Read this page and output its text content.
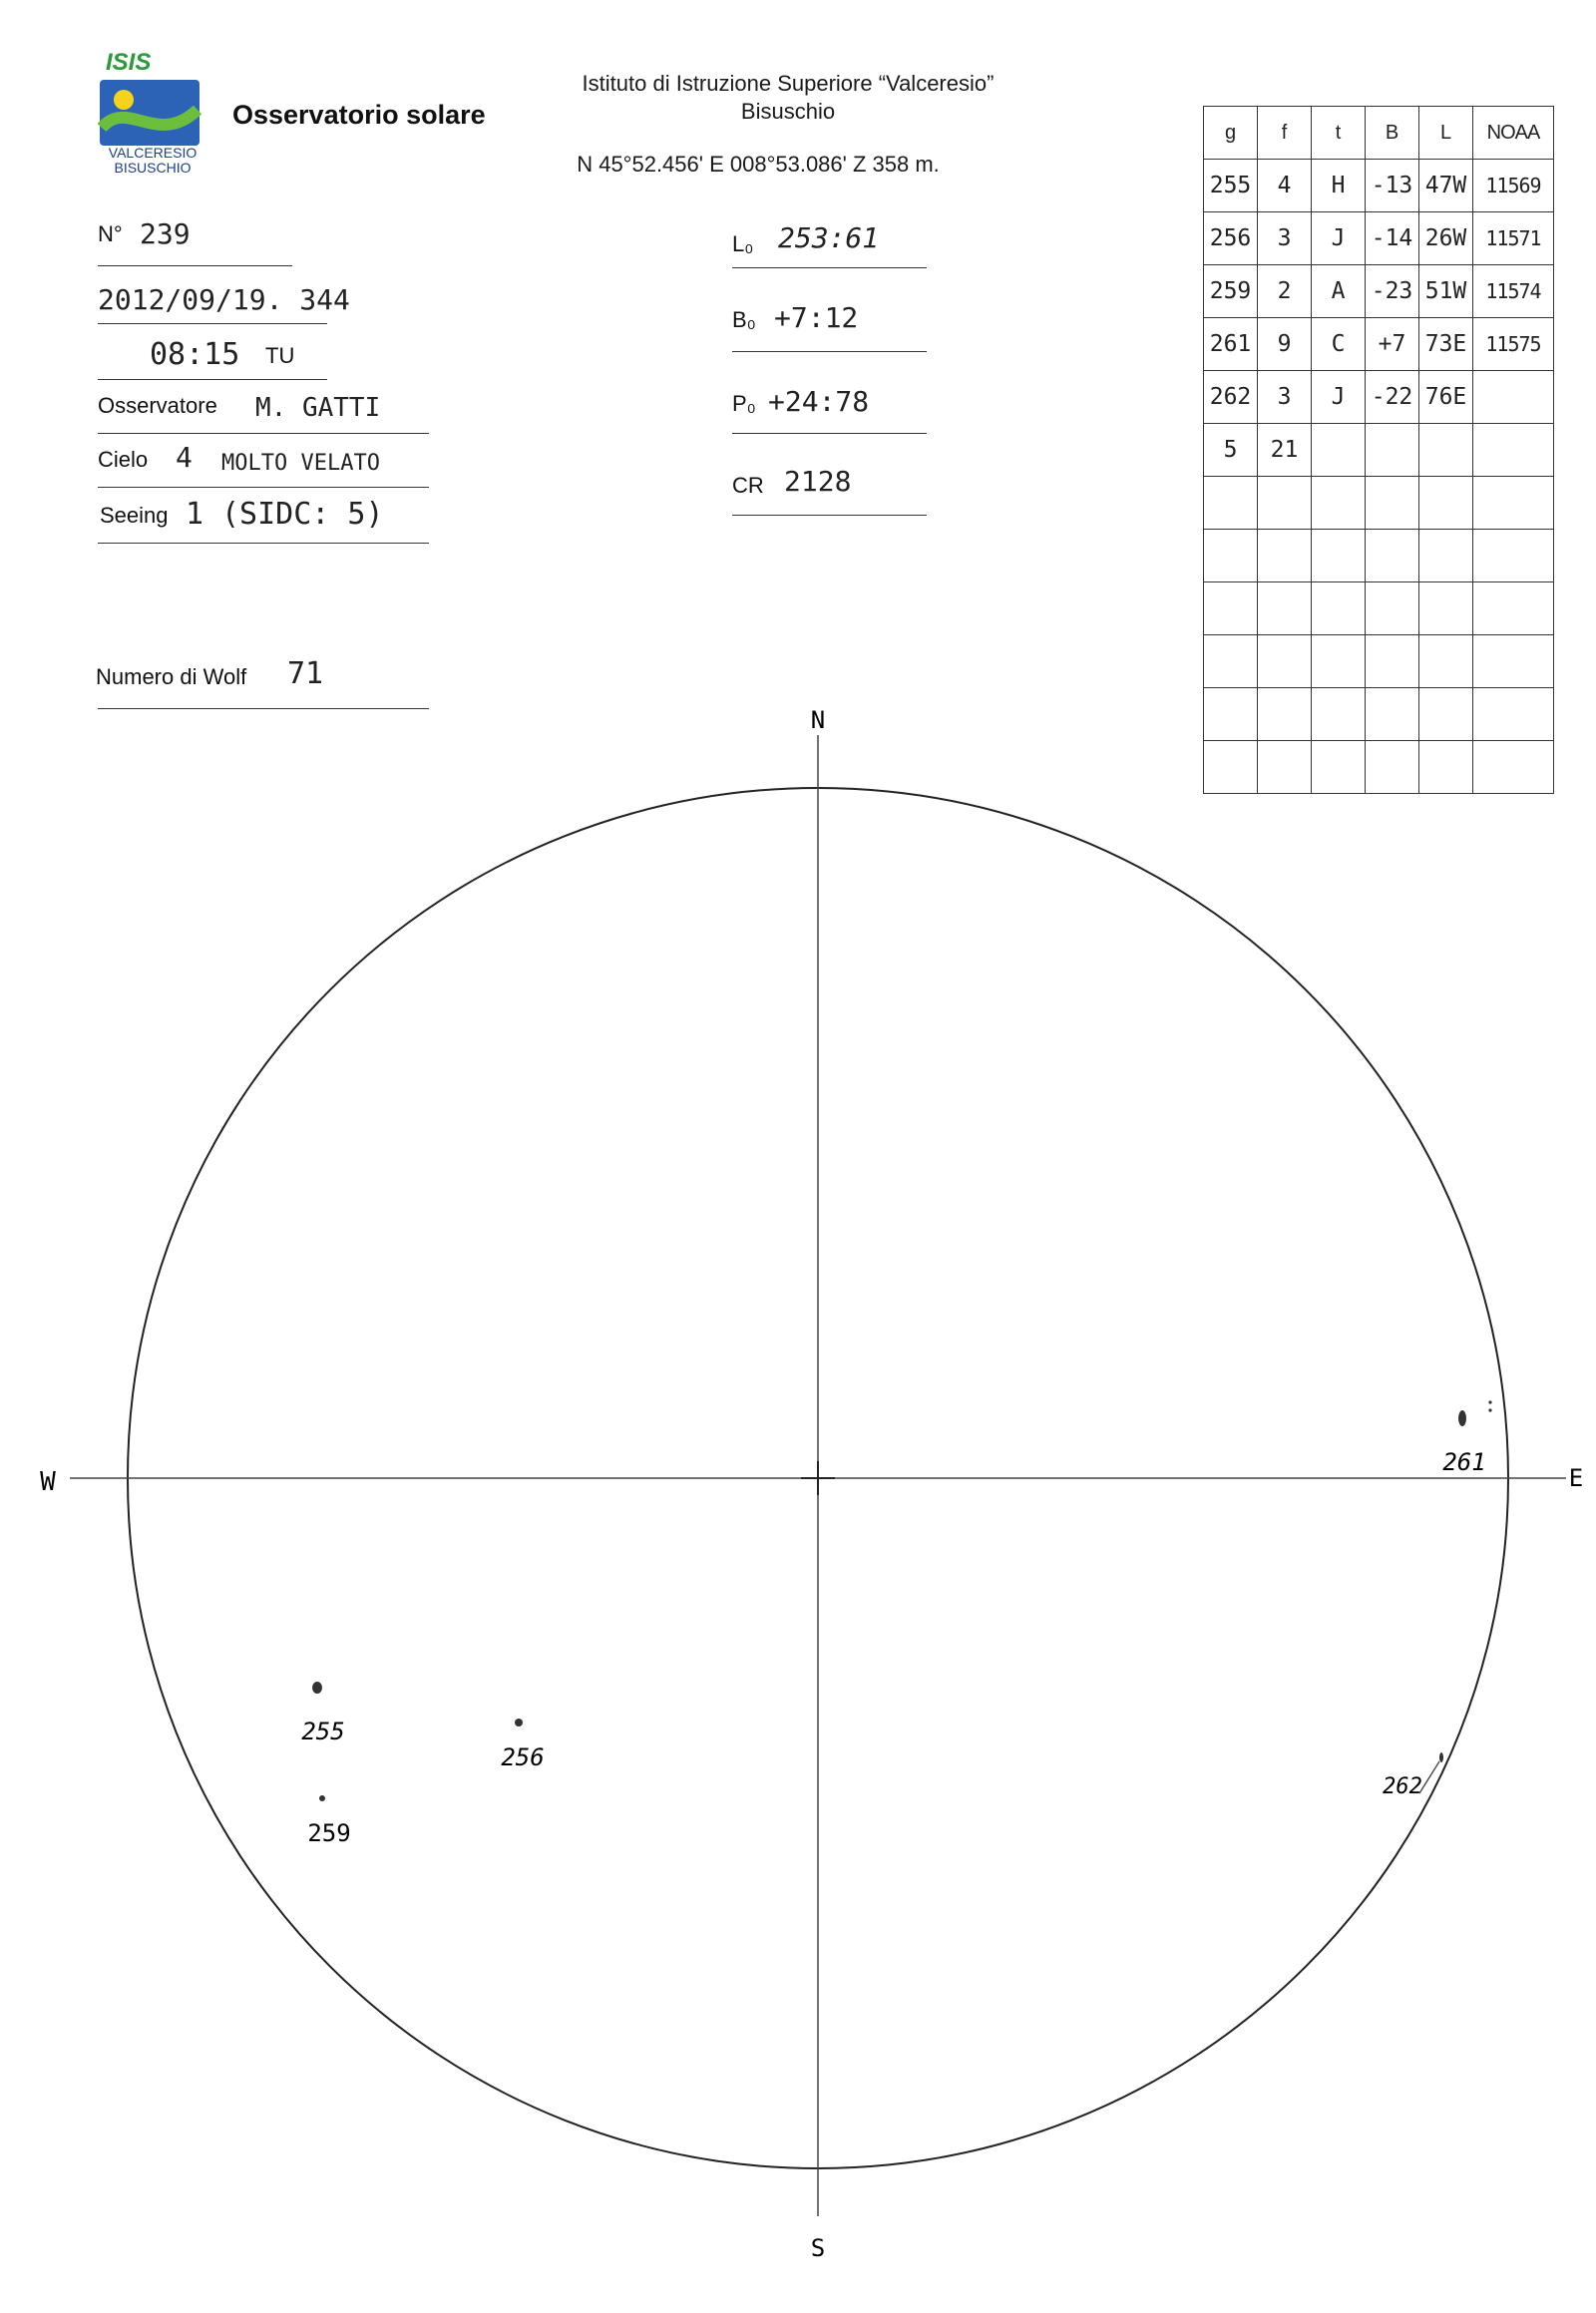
ISIS
VALCERESIO
BISUSCHIO
Osservatorio solare
Istituto di Istruzione Superiore “Valceresio”
Bisuschio
N 45°52.456' E 008°53.086' Z 358 m.
N° 239
2012/09/19. 344
08:15 TU
Osservatore M. GATTI
Cielo 4 MOLTO VELATO
Seeing 1 (SIDC: 5)
Numero di Wolf 71
L₀ 253:61
B₀ +7:12
P₀ +24:78
CR 2128
g	f	t	B	L	NOAA
255	4	H	-13	47W	11569
256	3	J	-14	26W	11571
259	2	A	-23	51W	11574
261	9	C	+7	73E	11575
262	3	J	-22	76E	
5	21				

N
S
W	E
255
256
259
261
262
